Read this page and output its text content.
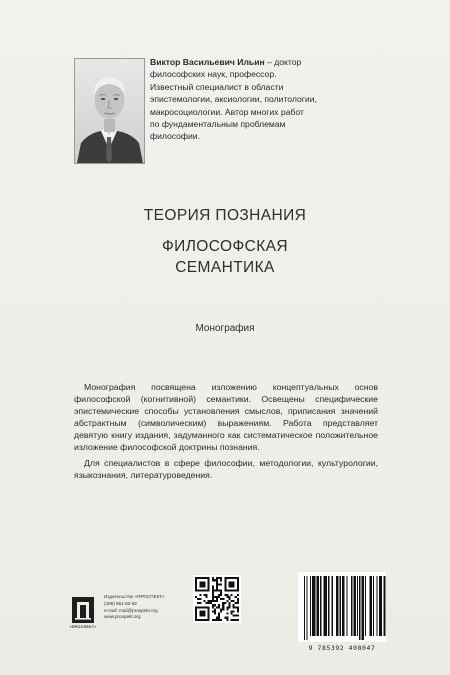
Виктор Васильевич Ильин – доктор
философских наук, профессор.
Известный специалист в области
эпистемологии, аксиологии, политологии,
макросоциологии. Автор многих работ
по фундаментальным проблемам
философии.

ТЕОРИЯ ПОЗНАНИЯ
ФИЛОСОФСКАЯ
СЕМАНТИКА

Монография

Монография посвящена изложению концептуальных основ философской (когнитивной) семантики. Освещены специфические эпистемические способы установления смыслов, приписания значений абстрактным (символическим) выражениям. Работа представляет девятую книгу издания, задуманного как систематическое положительное изложение философской доктрины познания.

Для специалистов в сфере философии, методологии, культурологии, языкознания, литературоведения.

«ПРОСПЕКТ»

Издательство «ПРОСПЕКТ»
(495) 651-62-62
e-mail: mail@prospekt.org
www.prospekt.org

9 785392 408047
